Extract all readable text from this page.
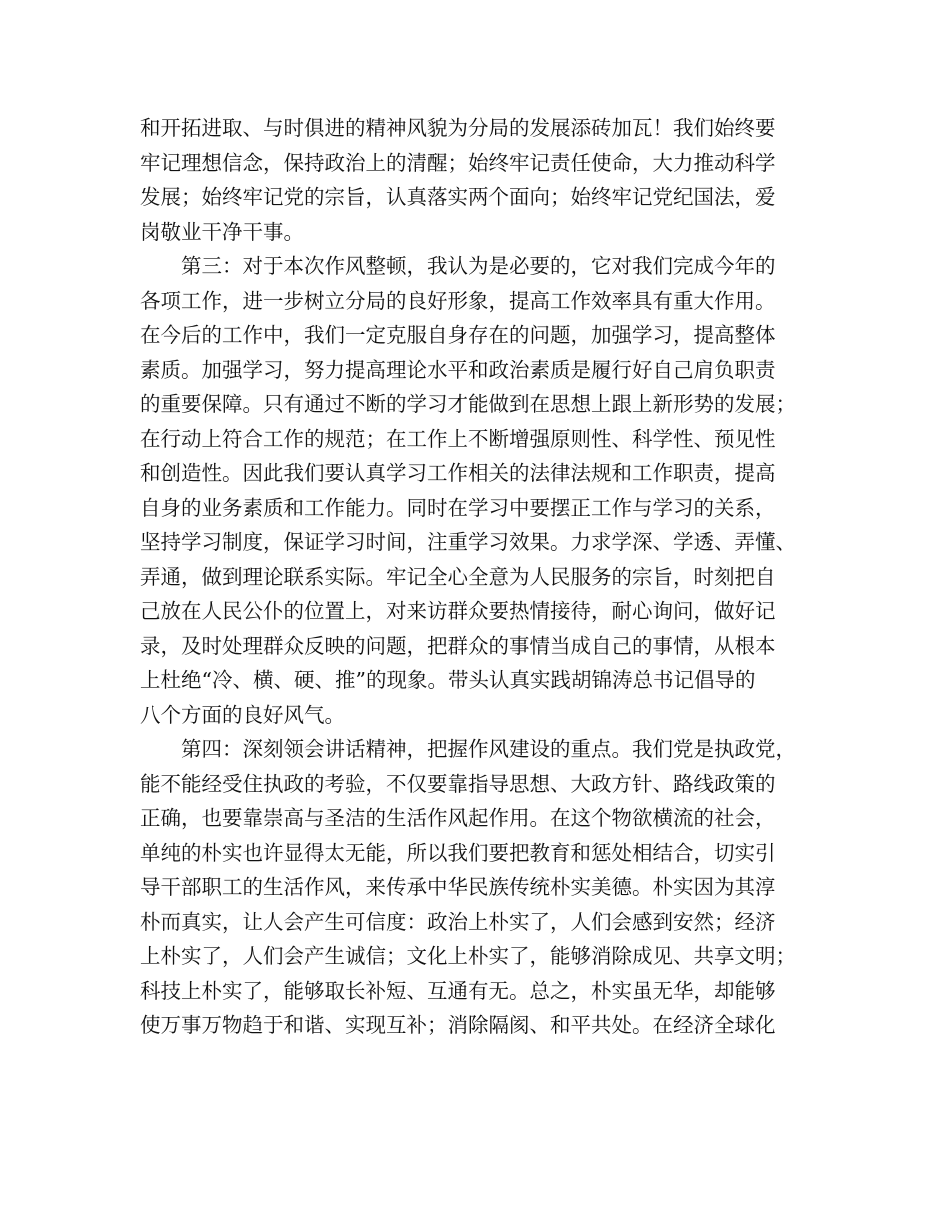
和开拓进取、与时俱进的精神风貌为分局的发展添砖加瓦！我们始终要
牢记理想信念，保持政治上的清醒；始终牢记责任使命，大力推动科学
发展；始终牢记党的宗旨，认真落实两个面向；始终牢记党纪国法，爱
岗敬业干净干事。
第三：对于本次作风整顿，我认为是必要的，它对我们完成今年的
各项工作，进一步树立分局的良好形象，提高工作效率具有重大作用。
在今后的工作中，我们一定克服自身存在的问题，加强学习，提高整体
素质。加强学习，努力提高理论水平和政治素质是履行好自己肩负职责
的重要保障。只有通过不断的学习才能做到在思想上跟上新形势的发展；
在行动上符合工作的规范；在工作上不断增强原则性、科学性、预见性
和创造性。因此我们要认真学习工作相关的法律法规和工作职责，提高
自身的业务素质和工作能力。同时在学习中要摆正工作与学习的关系，
坚持学习制度，保证学习时间，注重学习效果。力求学深、学透、弄懂、
弄通，做到理论联系实际。牢记全心全意为人民服务的宗旨，时刻把自
己放在人民公仆的位置上，对来访群众要热情接待，耐心询问，做好记
录，及时处理群众反映的问题，把群众的事情当成自己的事情，从根本
上杜绝“冷、横、硬、推”的现象。带头认真实践胡锦涛总书记倡导的
八个方面的良好风气。
第四：深刻领会讲话精神，把握作风建设的重点。我们党是执政党，
能不能经受住执政的考验，不仅要靠指导思想、大政方针、路线政策的
正确，也要靠崇高与圣洁的生活作风起作用。在这个物欲横流的社会，
单纯的朴实也许显得太无能，所以我们要把教育和惩处相结合，切实引
导干部职工的生活作风，来传承中华民族传统朴实美德。朴实因为其淳
朴而真实，让人会产生可信度：政治上朴实了，人们会感到安然；经济
上朴实了，人们会产生诚信；文化上朴实了，能够消除成见、共享文明；
科技上朴实了，能够取长补短、互通有无。总之，朴实虽无华，却能够
使万事万物趋于和谐、实现互补；消除隔阂、和平共处。在经济全球化
